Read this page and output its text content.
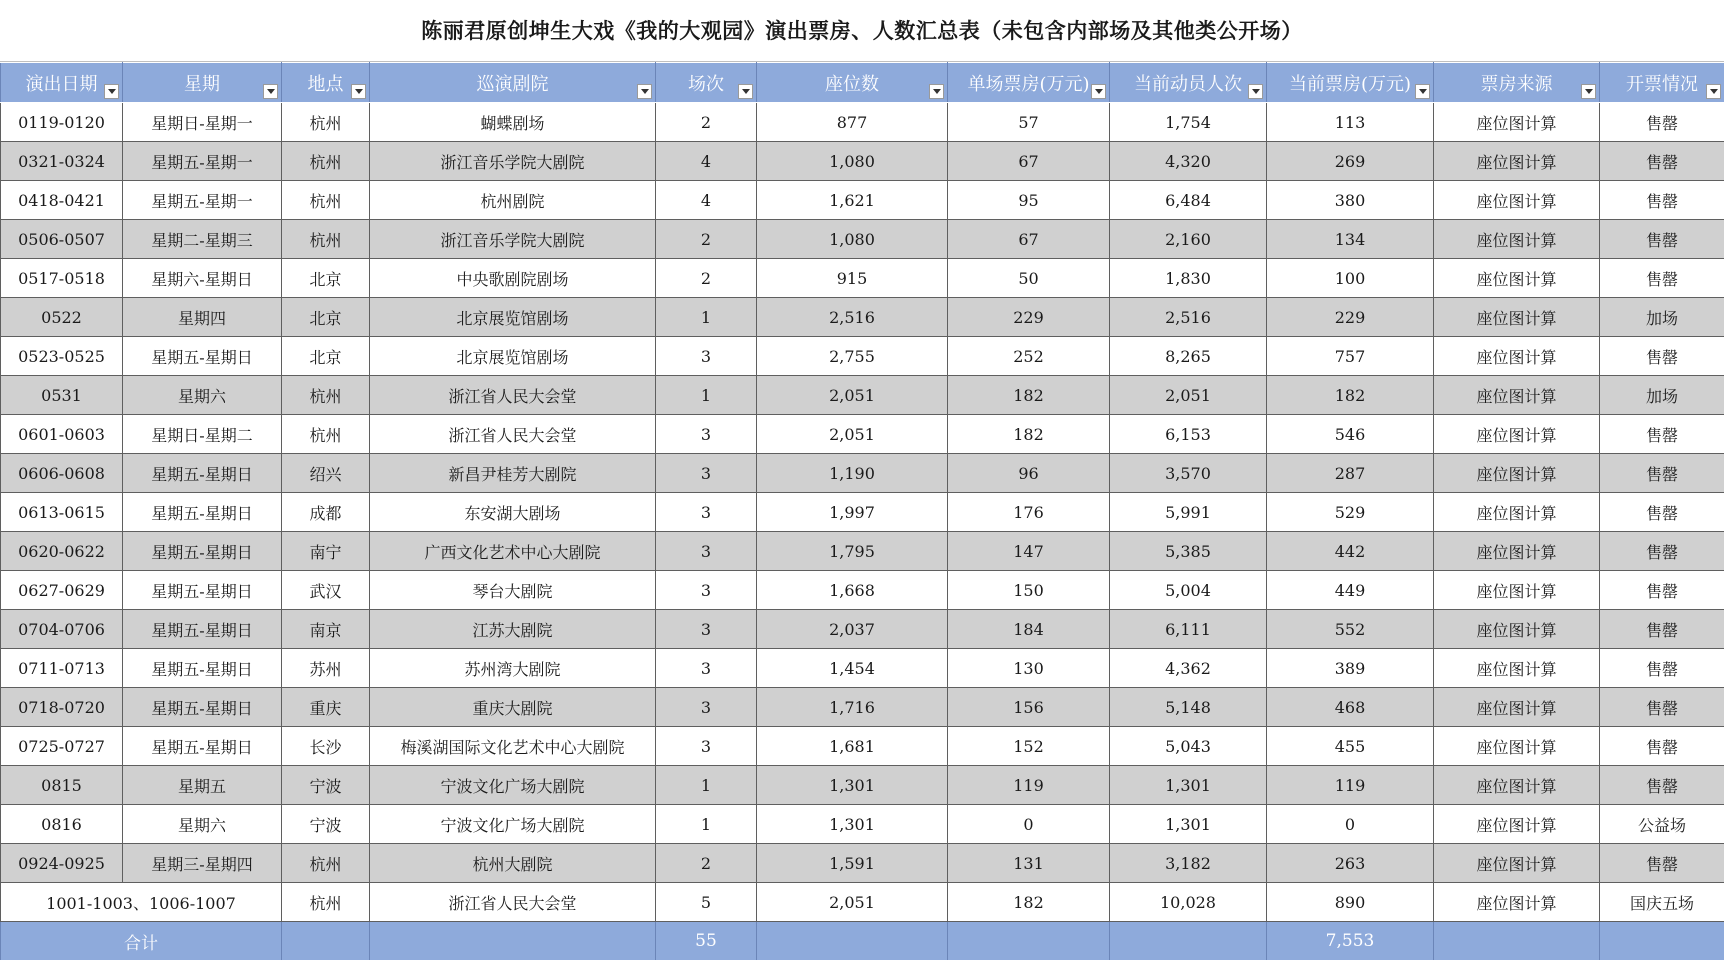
陈丽君原创坤生大戏《我的大观园》演出票房、人数汇总表（未包含内部场及其他类公开场）
演出日期	星期	地点	巡演剧院	场次	座位数	单场票房(万元)	当前动员人次	当前票房(万元)	票房来源	开票情况

0119-0120	星期日-星期一	杭州	蝴蝶剧场	2	877	57	1,754	113	座位图计算	售罄
0321-0324	星期五-星期一	杭州	浙江音乐学院大剧院	4	1,080	67	4,320	269	座位图计算	售罄
0418-0421	星期五-星期一	杭州	杭州剧院	4	1,621	95	6,484	380	座位图计算	售罄
0506-0507	星期二-星期三	杭州	浙江音乐学院大剧院	2	1,080	67	2,160	134	座位图计算	售罄
0517-0518	星期六-星期日	北京	中央歌剧院剧场	2	915	50	1,830	100	座位图计算	售罄
0522	星期四	北京	北京展览馆剧场	1	2,516	229	2,516	229	座位图计算	加场
0523-0525	星期五-星期日	北京	北京展览馆剧场	3	2,755	252	8,265	757	座位图计算	售罄
0531	星期六	杭州	浙江省人民大会堂	1	2,051	182	2,051	182	座位图计算	加场
0601-0603	星期日-星期二	杭州	浙江省人民大会堂	3	2,051	182	6,153	546	座位图计算	售罄
0606-0608	星期五-星期日	绍兴	新昌尹桂芳大剧院	3	1,190	96	3,570	287	座位图计算	售罄
0613-0615	星期五-星期日	成都	东安湖大剧场	3	1,997	176	5,991	529	座位图计算	售罄
0620-0622	星期五-星期日	南宁	广西文化艺术中心大剧院	3	1,795	147	5,385	442	座位图计算	售罄
0627-0629	星期五-星期日	武汉	琴台大剧院	3	1,668	150	5,004	449	座位图计算	售罄
0704-0706	星期五-星期日	南京	江苏大剧院	3	2,037	184	6,111	552	座位图计算	售罄
0711-0713	星期五-星期日	苏州	苏州湾大剧院	3	1,454	130	4,362	389	座位图计算	售罄
0718-0720	星期五-星期日	重庆	重庆大剧院	3	1,716	156	5,148	468	座位图计算	售罄
0725-0727	星期五-星期日	长沙	梅溪湖国际文化艺术中心大剧院	3	1,681	152	5,043	455	座位图计算	售罄
0815	星期五	宁波	宁波文化广场大剧院	1	1,301	119	1,301	119	座位图计算	售罄
0816	星期六	宁波	宁波文化广场大剧院	1	1,301	0	1,301	0	座位图计算	公益场
0924-0925	星期三-星期四	杭州	杭州大剧院	2	1,591	131	3,182	263	座位图计算	售罄
1001-1003、1006-1007		杭州	浙江省人民大会堂	5	2,051	182	10,028	890	座位图计算	国庆五场
合计				55				7,553		
